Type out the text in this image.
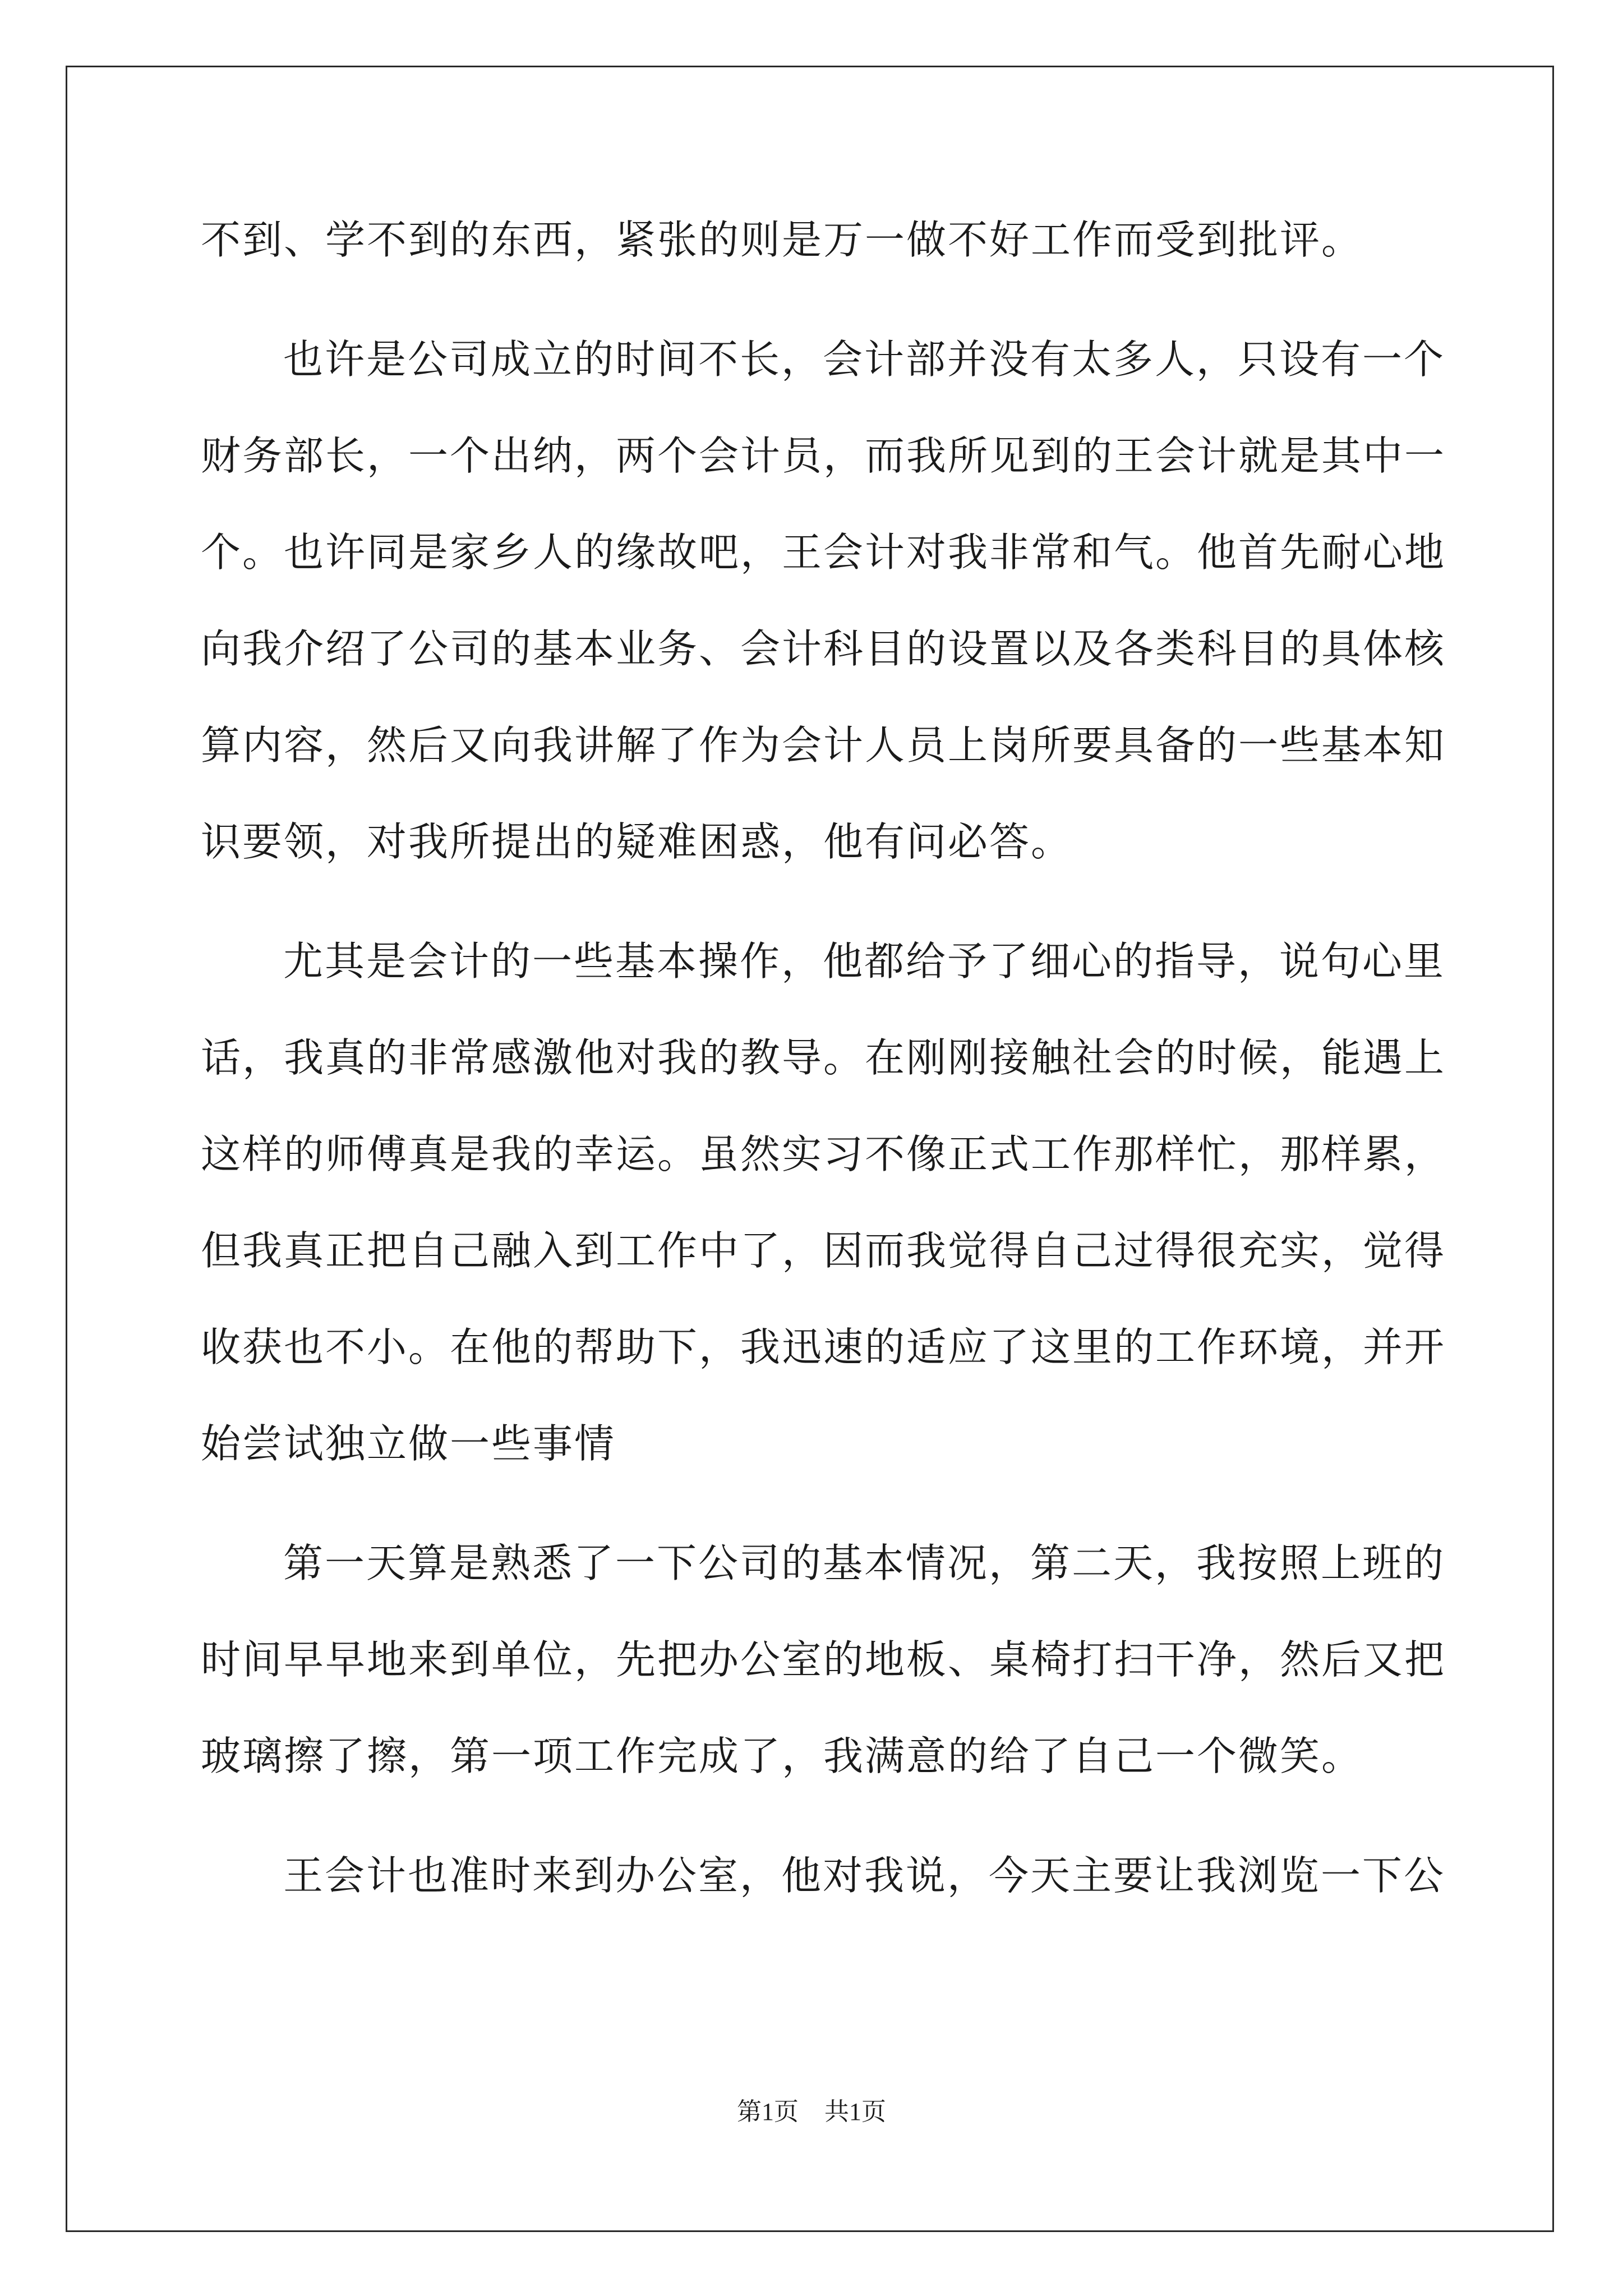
不到、学不到的东西，紧张的则是万一做不好工作而受到批评。
也许是公司成立的时间不长，会计部并没有太多人，只设有一个
财务部长，一个出纳，两个会计员，而我所见到的王会计就是其中一
个。也许同是家乡人的缘故吧，王会计对我非常和气。他首先耐心地
向我介绍了公司的基本业务、会计科目的设置以及各类科目的具体核
算内容，然后又向我讲解了作为会计人员上岗所要具备的一些基本知
识要领，对我所提出的疑难困惑，他有问必答。
尤其是会计的一些基本操作，他都给予了细心的指导，说句心里
话，我真的非常感激他对我的教导。在刚刚接触社会的时候，能遇上
这样的师傅真是我的幸运。虽然实习不像正式工作那样忙，那样累，
但我真正把自己融入到工作中了，因而我觉得自己过得很充实，觉得
收获也不小。在他的帮助下，我迅速的适应了这里的工作环境，并开
始尝试独立做一些事情
第一天算是熟悉了一下公司的基本情况，第二天，我按照上班的
时间早早地来到单位，先把办公室的地板、桌椅打扫干净，然后又把
玻璃擦了擦，第一项工作完成了，我满意的给了自己一个微笑。
王会计也准时来到办公室，他对我说，今天主要让我浏览一下公
第1页 共1页
